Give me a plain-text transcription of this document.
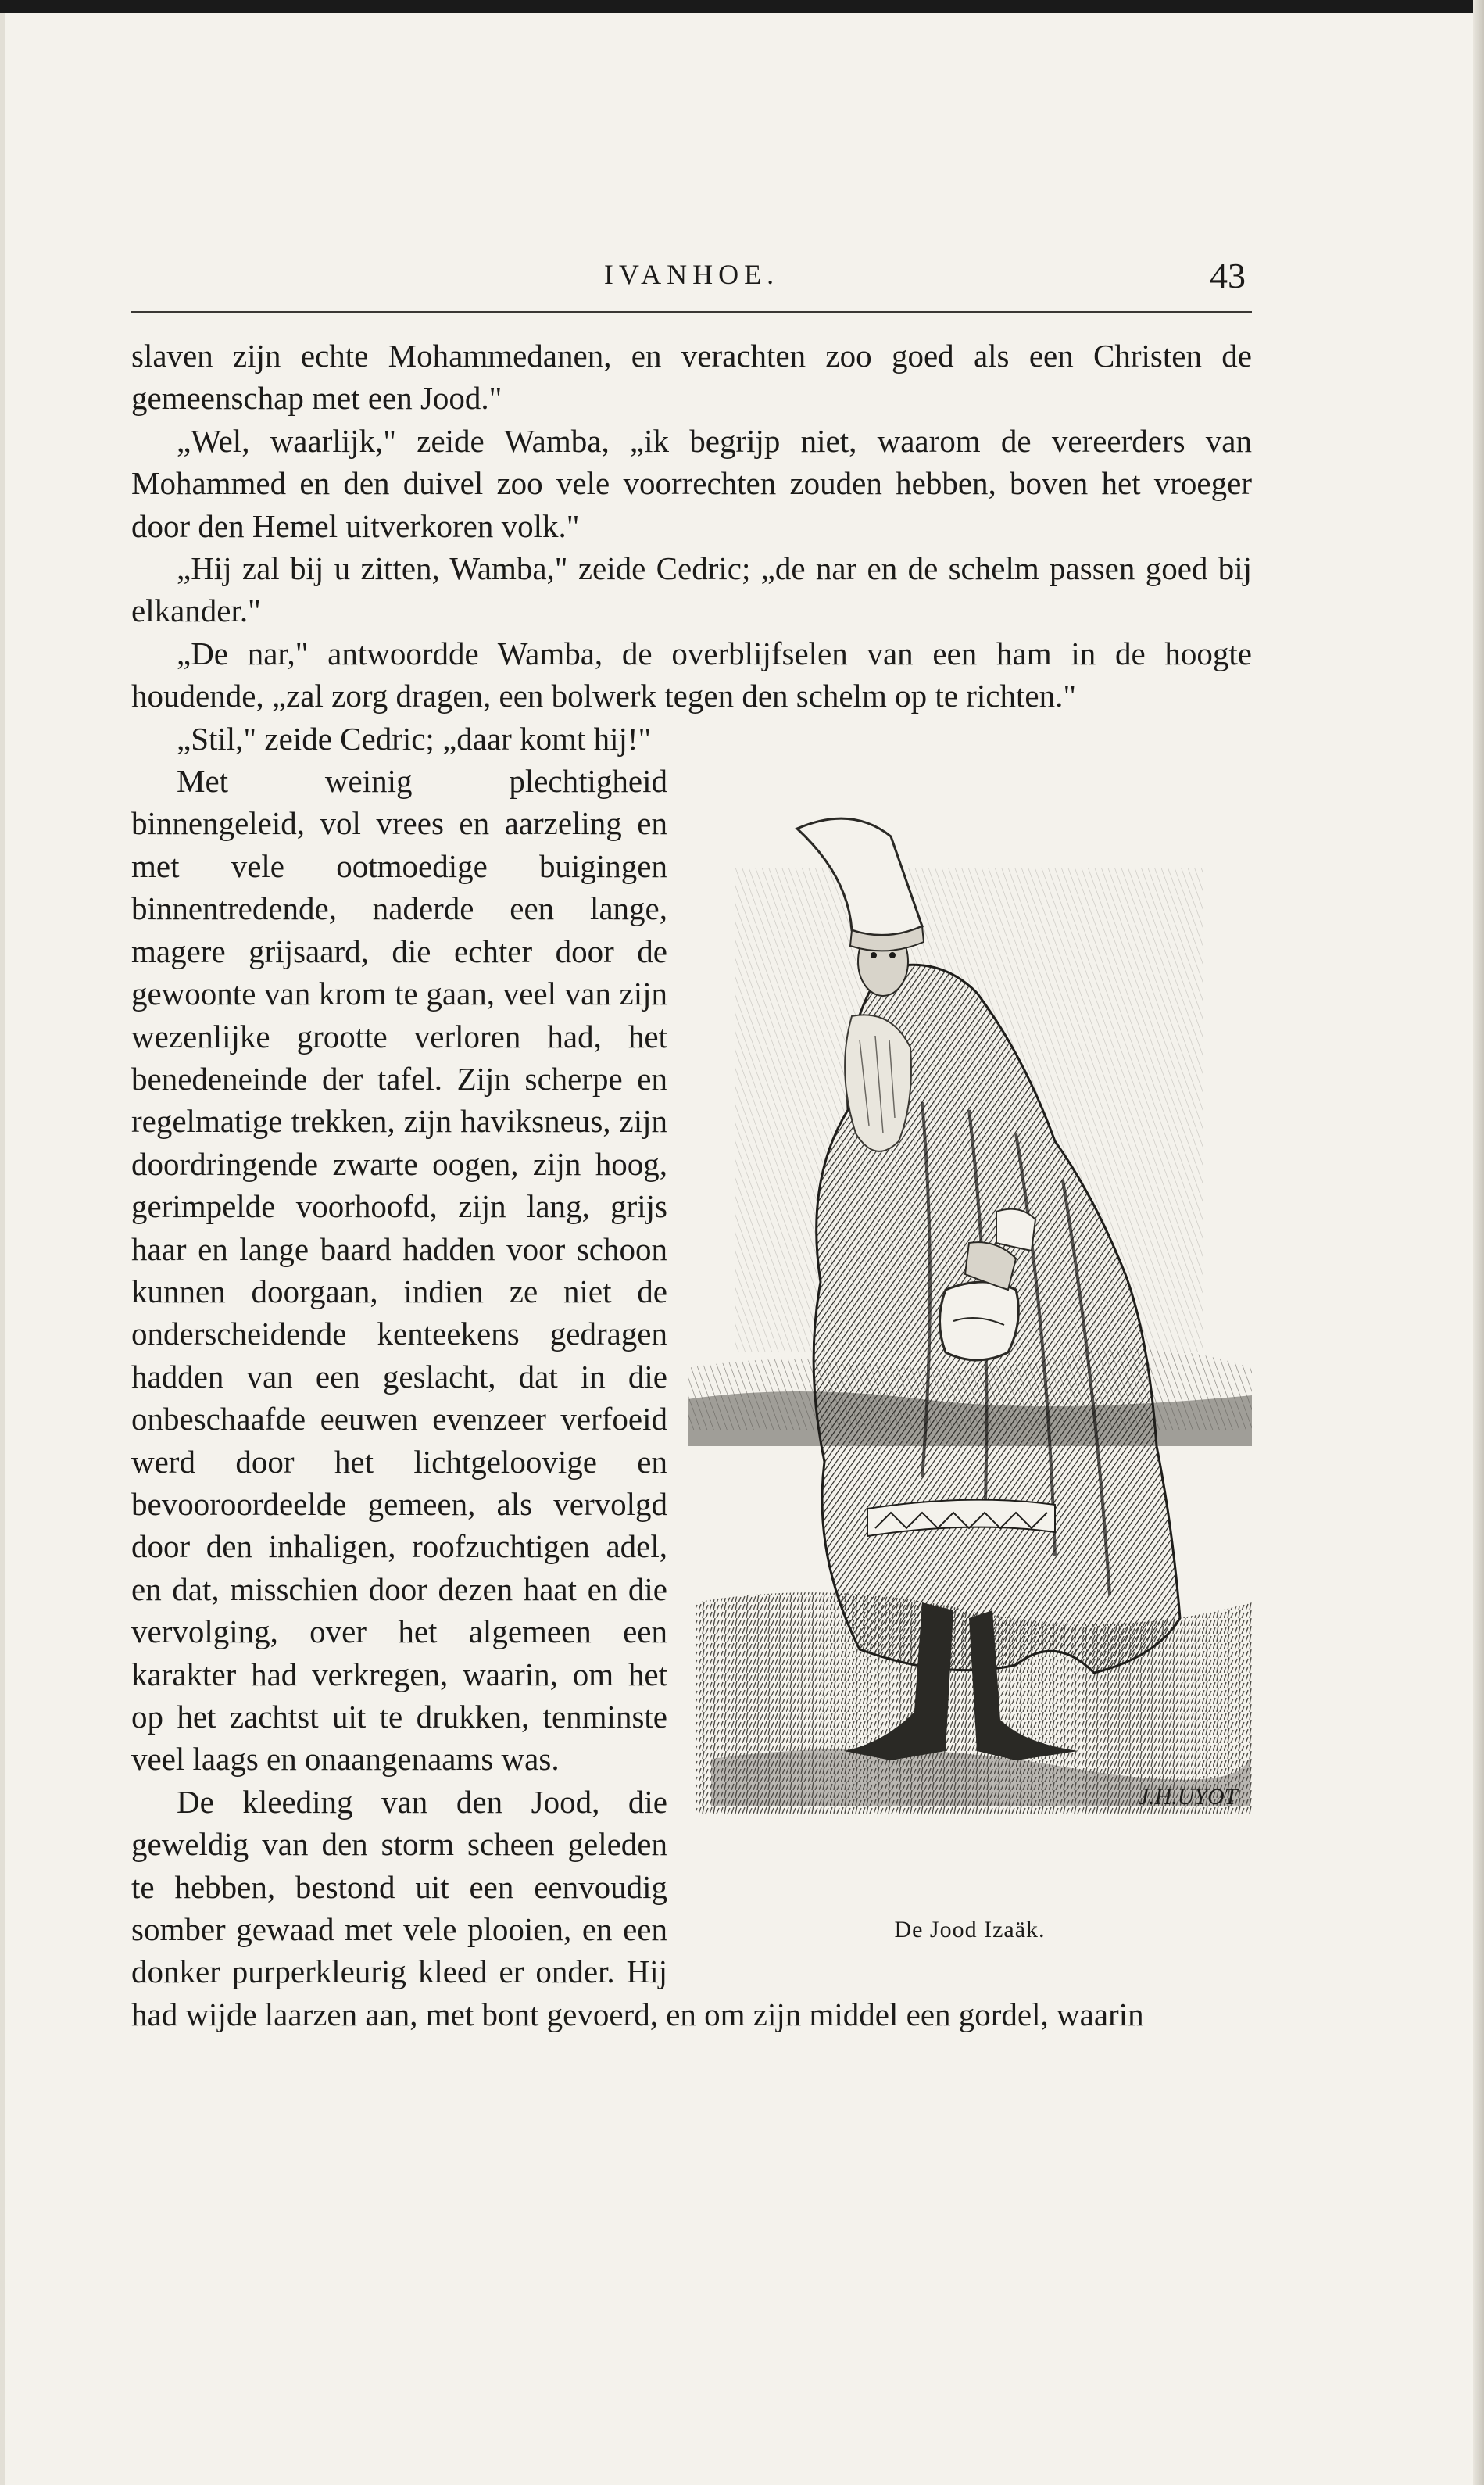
IVANHOE.	43

slaven zijn echte Mohammedanen, en verachten zoo goed als een Christen de gemeenschap met een Jood."

„Wel, waarlijk," zeide Wamba, „ik begrijp niet, waarom de vereerders van Mohammed en den duivel zoo vele voorrechten zouden hebben, boven het vroeger door den Hemel uitverkoren volk."

„Hij zal bij u zitten, Wamba," zeide Cedric; „de nar en de schelm passen goed bij elkander."

„De nar," antwoordde Wamba, de overblijfselen van een ham in de hoogte houdende, „zal zorg dragen, een bolwerk tegen den schelm op te richten."

„Stil," zeide Cedric; „daar komt hij!"

J.H.UYOT
De Jood Izaäk.

Met weinig plechtigheid binnengeleid, vol vrees en aarzeling en met vele ootmoedige buigingen binnentredende, naderde een lange, magere grijsaard, die echter door de gewoonte van krom te gaan, veel van zijn wezenlijke grootte verloren had, het benedeneinde der tafel. Zijn scherpe en regelmatige trekken, zijn haviksneus, zijn doordringende zwarte oogen, zijn hoog, gerimpelde voorhoofd, zijn lang, grijs haar en lange baard hadden voor schoon kunnen doorgaan, indien ze niet de onderscheidende kenteekens gedragen hadden van een geslacht, dat in die onbeschaafde eeuwen evenzeer verfoeid werd door het lichtgeloovige en bevooroordeelde gemeen, als vervolgd door den inhaligen, roofzuchtigen adel, en dat, misschien door dezen haat en die vervolging, over het algemeen een karakter had verkregen, waarin, om het op het zachtst uit te drukken, tenminste veel laags en onaangenaams was.

De kleeding van den Jood, die geweldig van den storm scheen geleden te hebben, bestond uit een eenvoudig somber gewaad met vele plooien, en een donker purperkleurig kleed er onder. Hij had wijde laarzen aan, met bont gevoerd, en om zijn middel een gordel, waarin
